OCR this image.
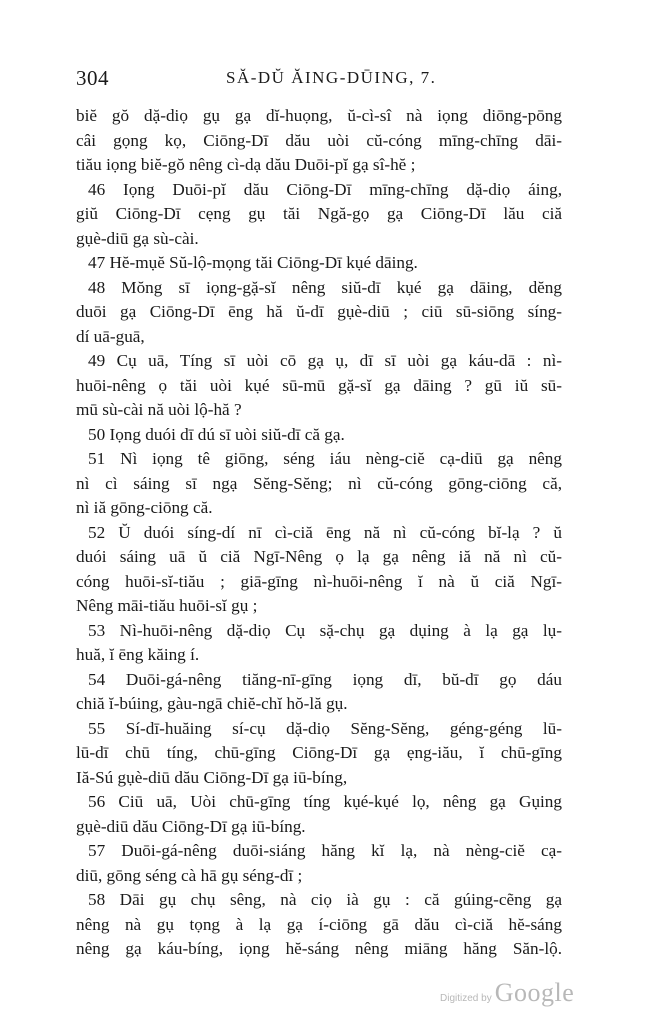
304	SĂ-DŬ ĂING-DŪING, 7.
biĕ gŏ dặ-diọ gụ gạ dĭ-huọng, ŭ-cì-sî nà iọng diōng-pōng
câi gọng kọ, Ciōng-Dī dău uòi cŭ-cóng mīng-chīng dāi-
tiău iọng biĕ-gŏ nêng cì-dạ dău Duōi-pĭ gạ sî-hĕ ;
46 Iọng Duōi-pĭ dău Ciōng-Dī mīng-chīng dặ-diọ áing,
giŭ Ciōng-Dī cẹng gụ tăi Ngă-gọ gạ Ciōng-Dī lău ciă
gụè-diū gạ sù-cài.
47 Hĕ-mụĕ Sŭ-lộ-mọng tăi Ciōng-Dī kụé dāing.
48 Mŏng sī iọng-gặ-sĭ nêng siŭ-dī kụé gạ dāing, dĕng
duōi gạ Ciōng-Dī ēng hă ŭ-dī gụè-diū ; ciū sū-siōng síng-
dí uā-guā,
49 Cụ uā, Tíng sī uòi cō gạ ụ, dī sī uòi gạ káu-dā : nì-
huōi-nêng ọ tăi uòi kụé sū-mū gặ-sĭ gạ dāing ? gū iŭ sū-
mū sù-cài nă uòi lộ-hă ?
50 Iọng duói dī dú sī uòi siŭ-dī că gạ.
51 Nì iọng tê giōng, séng iáu nèng-ciĕ cạ-diū gạ nêng
nì cì sáing sī ngạ Sĕng-Sĕng; nì cŭ-cóng gōng-ciōng că,
nì iă gōng-ciōng că.
52 Ŭ duói síng-dí nī cì-ciă ēng nă nì cŭ-cóng bĭ-lạ ? ŭ
duói sáing uā ŭ ciă Ngī-Nêng ọ lạ gạ nêng iă nă nì cŭ-
cóng huōi-sĭ-tiău ; giā-gīng nì-huōi-nêng ĭ nà ŭ ciă Ngī-
Nêng māi-tiău huōi-sĭ gụ ;
53 Nì-huōi-nêng dặ-diọ Cụ sặ-chụ gạ dụing à lạ gạ lụ-
huă, ĭ ēng kăing í.
54 Duōi-gá-nêng tiăng-nī-gīng iọng dī, bŭ-dī gọ dáu
chiă ĭ-búing, gàu-ngā chiĕ-chĭ hŏ-lă gụ.
55 Sí-dī-huăing sí-cụ dặ-diọ Sĕng-Sĕng, géng-géng lū-
lū-dī chū tíng, chū-gīng Ciōng-Dī gạ ẹng-iău, ĭ chū-gīng
Iă-Sú gụè-diū dău Ciōng-Dī gạ iū-bíng,
56 Ciū uā, Uòi chū-gīng tíng kụé-kụé lọ, nêng gạ Gụing
gụè-diū dău Ciōng-Dī gạ iū-bíng.
57 Duōi-gá-nêng duōi-siáng hăng kĭ lạ, nà nèng-ciĕ cạ-
diū, gōng séng cà hā gụ séng-dī ;
58 Dāi gụ chụ sêng, nà ciọ ià gụ : că gúing-cẽng gạ
nêng nà gụ tọng à lạ gạ í-ciōng gā dău cì-ciă hĕ-sáng
nêng gạ káu-bíng, iọng hĕ-sáng nêng miāng hăng Săn-lộ.
Digitized by Google
